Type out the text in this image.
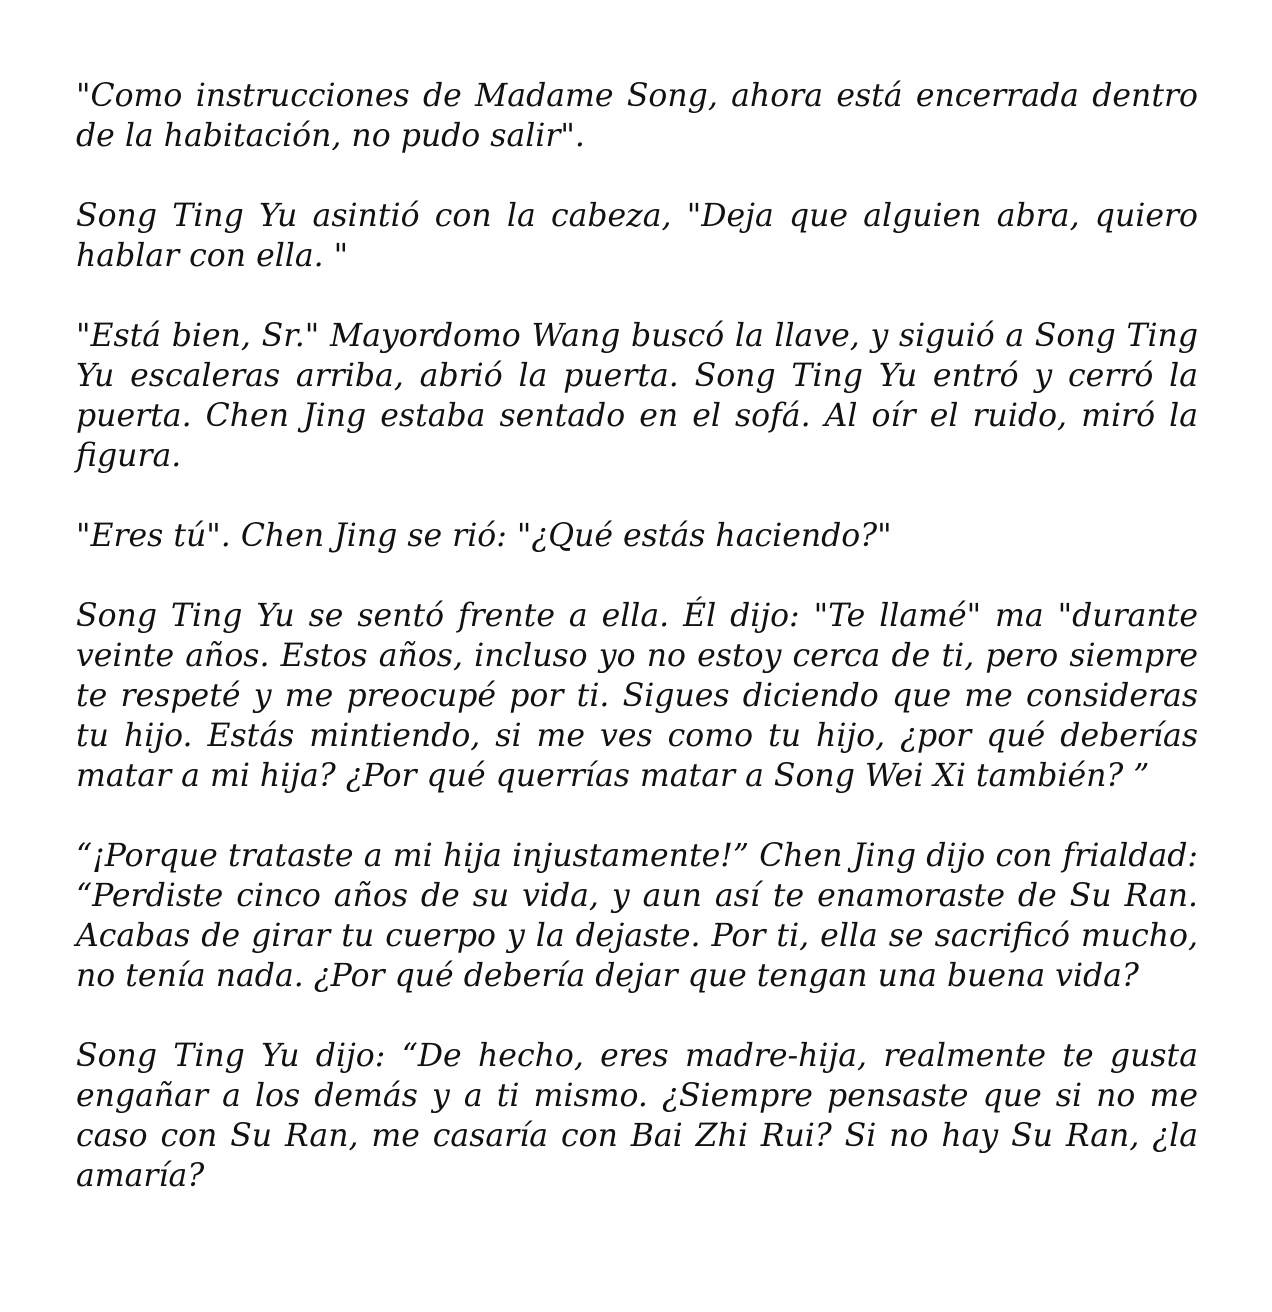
"Como instrucciones de Madame Song, ahora está encerrada dentro de la habitación, no pudo salir".

Song Ting Yu asintió con la cabeza, "Deja que alguien abra, quiero hablar con ella. "

"Está bien, Sr." Mayordomo Wang buscó la llave, y siguió a Song Ting Yu escaleras arriba, abrió la puerta. Song Ting Yu entró y cerró la puerta. Chen Jing estaba sentado en el sofá. Al oír el ruido, miró la figura.

"Eres tú". Chen Jing se rió: "¿Qué estás haciendo?"

Song Ting Yu se sentó frente a ella. Él dijo: "Te llamé" ma "durante veinte años. Estos años, incluso yo no estoy cerca de ti, pero siempre te respeté y me preocupé por ti. Sigues diciendo que me consideras tu hijo. Estás mintiendo, si me ves como tu hijo, ¿por qué deberías matar a mi hija? ¿Por qué querrías matar a Song Wei Xi también? ”

“¡Porque trataste a mi hija injustamente!” Chen Jing dijo con frialdad: “Perdiste cinco años de su vida, y aun así te enamoraste de Su Ran. Acabas de girar tu cuerpo y la dejaste. Por ti, ella se sacrificó mucho, no tenía nada. ¿Por qué debería dejar que tengan una buena vida?

Song Ting Yu dijo: “De hecho, eres madre-hija, realmente te gusta engañar a los demás y a ti mismo. ¿Siempre pensaste que si no me caso con Su Ran, me casaría con Bai Zhi Rui? Si no hay Su Ran, ¿la amaría?
